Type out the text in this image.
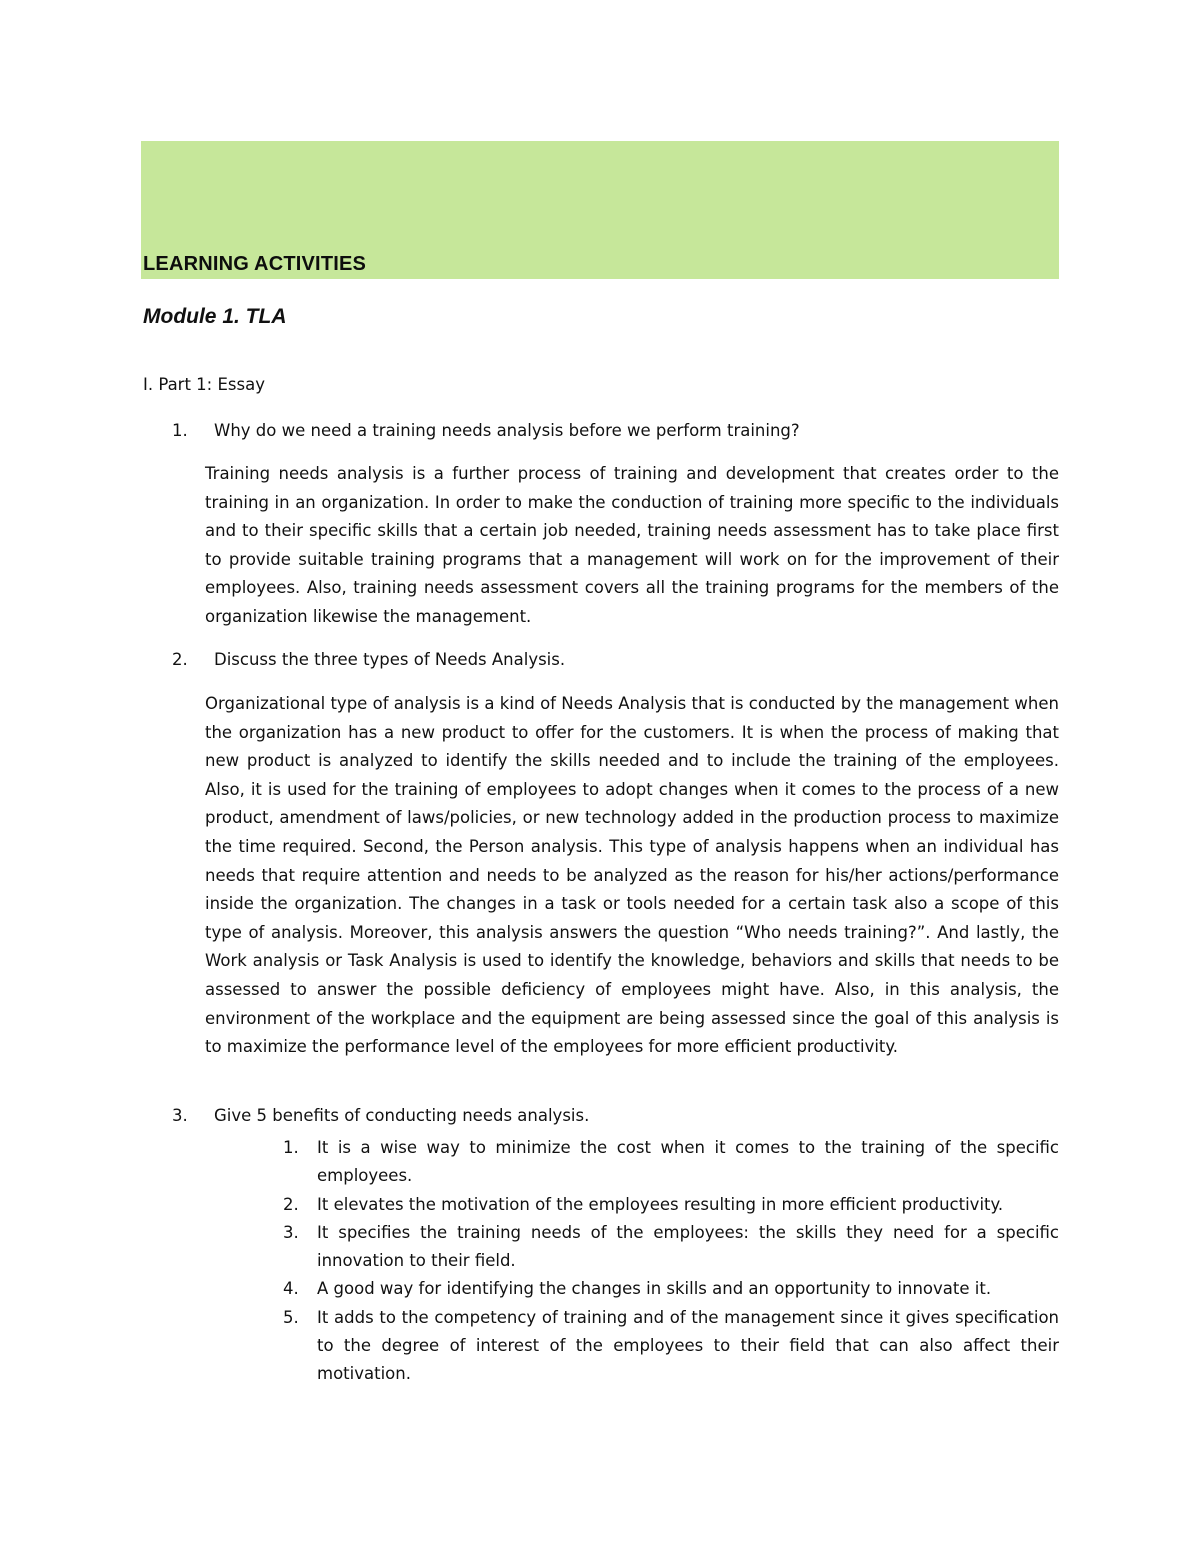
LEARNING ACTIVITIES
Module 1. TLA

I. Part 1: Essay

1. Why do we need a training needs analysis before we perform training?

Training needs analysis is a further process of training and development that creates order to the training in an organization. In order to make the conduction of training more specific to the individuals and to their specific skills that a certain job needed, training needs assessment has to take place first to provide suitable training programs that a management will work on for the improvement of their employees. Also, training needs assessment covers all the training programs for the members of the organization likewise the management.

2. Discuss the three types of Needs Analysis.

Organizational type of analysis is a kind of Needs Analysis that is conducted by the management when the organization has a new product to offer for the customers. It is when the process of making that new product is analyzed to identify the skills needed and to include the training of the employees. Also, it is used for the training of employees to adopt changes when it comes to the process of a new product, amendment of laws/policies, or new technology added in the production process to maximize the time required. Second, the Person analysis. This type of analysis happens when an individual has needs that require attention and needs to be analyzed as the reason for his/her actions/performance inside the organization. The changes in a task or tools needed for a certain task also a scope of this type of analysis. Moreover, this analysis answers the question “Who needs training?”. And lastly, the Work analysis or Task Analysis is used to identify the knowledge, behaviors and skills that needs to be assessed to answer the possible deficiency of employees might have. Also, in this analysis, the environment of the workplace and the equipment are being assessed since the goal of this analysis is to maximize the performance level of the employees for more efficient productivity.

3. Give 5 benefits of conducting needs analysis.

1. It is a wise way to minimize the cost when it comes to the training of the specific employees.
2. It elevates the motivation of the employees resulting in more efficient productivity.
3. It specifies the training needs of the employees: the skills they need for a specific innovation to their field.
4. A good way for identifying the changes in skills and an opportunity to innovate it.
5. It adds to the competency of training and of the management since it gives specification to the degree of interest of the employees to their field that can also affect their motivation.
